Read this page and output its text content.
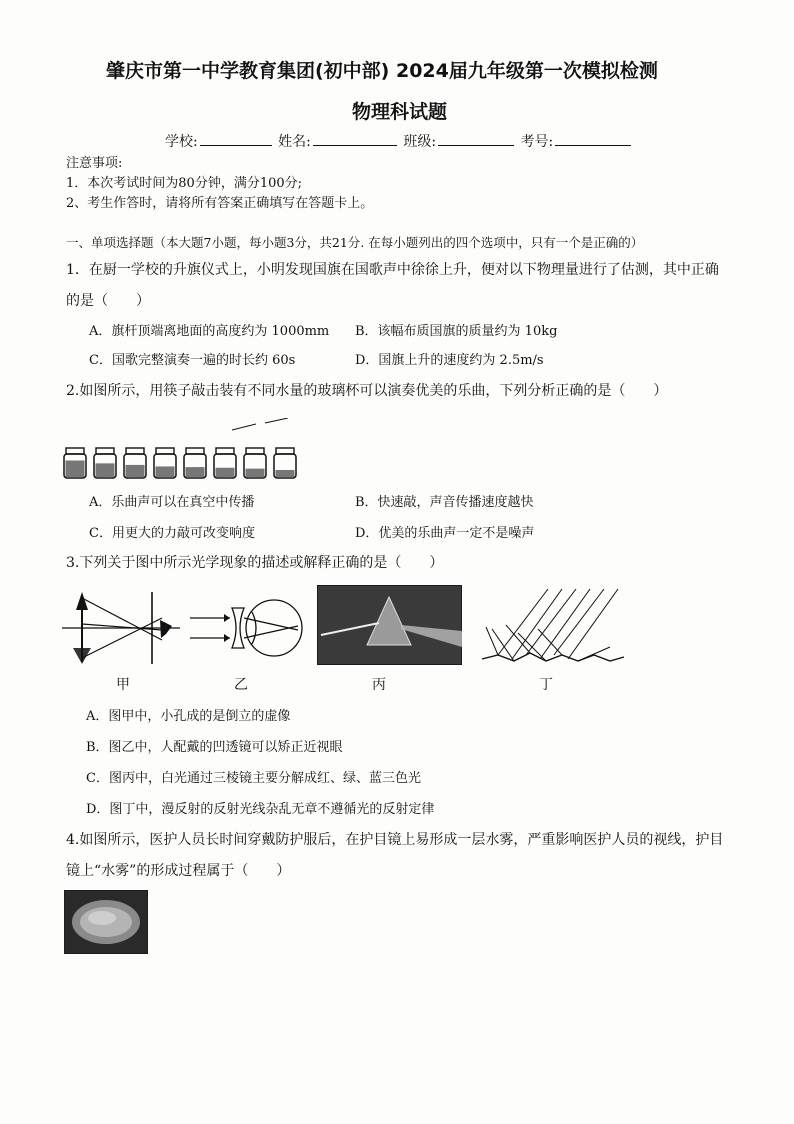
肇庆市第一中学教育集团(初中部) 2024届九年级第一次模拟检测
物理科试题
学校:	姓名:	班级:	考号:
注意事项:
1．本次考试时间为80分钟，满分100分;
2、考生作答时，请将所有答案正确填写在答题卡上。
一、单项选择题（本大题7小题，每小题3分，共21分. 在每小题列出的四个选项中，只有一个是正确的）
1．在厨一学校的升旗仪式上，小明发现国旗在国歌声中徐徐上升，便对以下物理量进行了估测，其中正确
的是（　　）
A．旗杆顶端离地面的高度约为 1000mm B．该幅布质国旗的质量约为 10kg
C．国歌完整演奏一遍的时长约 60s	D．国旗上升的速度约为 2.5m/s
2.如图所示，用筷子敲击装有不同水量的玻璃杯可以演奏优美的乐曲，下列分析正确的是（　　）
A．乐曲声可以在真空中传播	B．快速敲，声音传播速度越快
C．用更大的力敲可改变响度	D．优美的乐曲声一定不是噪声
3.下列关于图中所示光学现象的描述或解释正确的是（　　）
甲	乙	丙	丁
A．图甲中，小孔成的是倒立的虚像
B．图乙中，人配戴的凹透镜可以矫正近视眼
C．图丙中，白光通过三棱镜主要分解成红、绿、蓝三色光
D．图丁中，漫反射的反射光线杂乱无章不遵循光的反射定律
4.如图所示，医护人员长时间穿戴防护服后，在护目镜上易形成一层水雾，严重影响医护人员的视线，护目
镜上“水雾”的形成过程属于（　　）
